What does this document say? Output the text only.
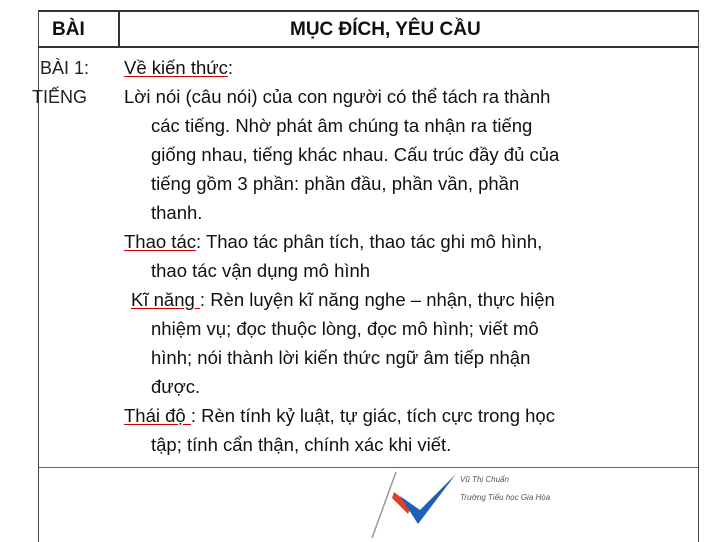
BÀI	MỤC ĐÍCH, YÊU CẦU
BÀI 1:
TIẾNG
Về kiến thức:
Lời nói (câu nói) của con người có thể tách ra thành
các tiếng. Nhờ phát âm chúng ta nhận ra tiếng
giống nhau, tiếng khác nhau. Cấu trúc đầy đủ của
tiếng gồm 3 phần: phần đầu, phần vần, phần
thanh.
Thao tác: Thao tác phân tích, thao tác ghi mô hình,
thao tác vận dụng mô hình
Kĩ năng : Rèn luyện kĩ năng nghe – nhận, thực hiện
nhiệm vụ; đọc thuộc lòng, đọc mô hình; viết mô
hình; nói thành lời kiến thức ngữ âm tiếp nhận
được.
Thái độ : Rèn tính kỷ luật, tự giác, tích cực trong học
tập; tính cẩn thận, chính xác khi viết.
Vũ Thị Chuẩn
Trường Tiểu học Gia Hòa
